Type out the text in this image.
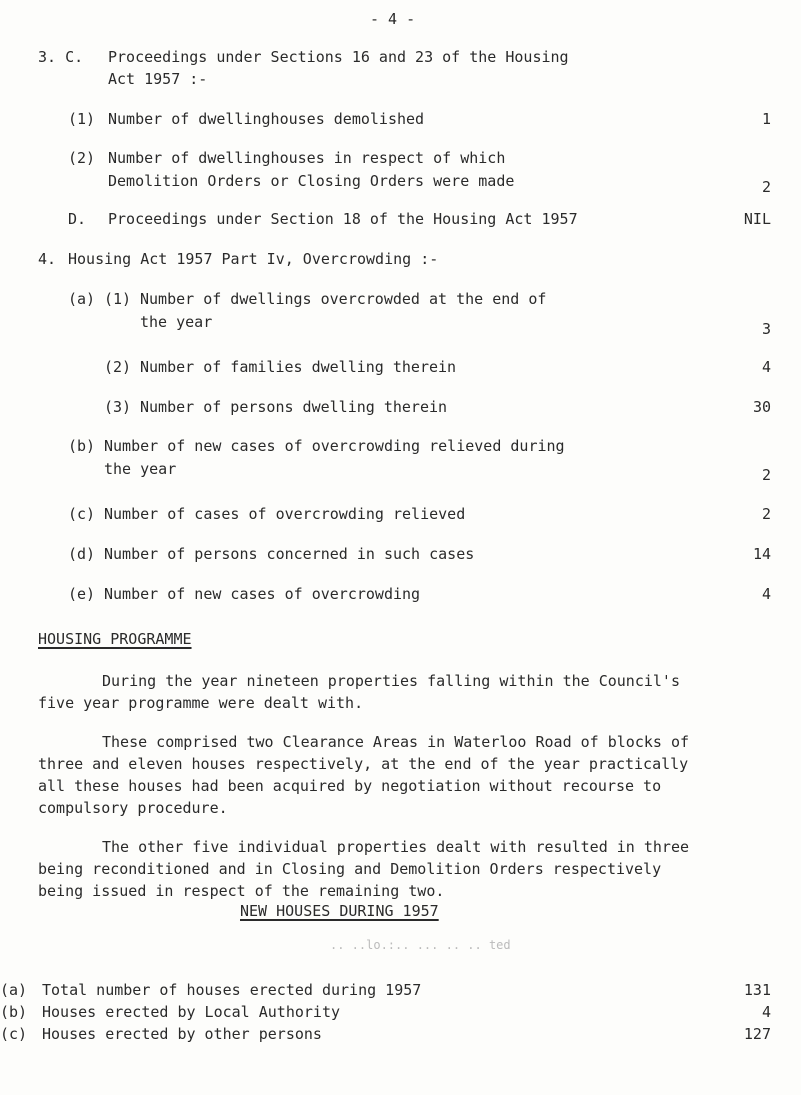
- 4 -
3. C. Proceedings under Sections 16 and 23 of the Housing
Act 1957 :-
(1) Number of dwellinghouses demolished	1
(2) Number of dwellinghouses in respect of which
Demolition Orders or Closing Orders were made	2
D. Proceedings under Section 18 of the Housing Act 1957	NIL
4. Housing Act 1957 Part Iv, Overcrowding :-
(a) (1) Number of dwellings overcrowded at the end of
the year	3
(2) Number of families dwelling therein	4
(3) Number of persons dwelling therein	30
(b) Number of new cases of overcrowding relieved during
the year	2
(c) Number of cases of overcrowding relieved	2
(d) Number of persons concerned in such cases	14
(e) Number of new cases of overcrowding	4
HOUSING PROGRAMME
During the year nineteen properties falling within the Council's
five year programme were dealt with.
These comprised two Clearance Areas in Waterloo Road of blocks of
three and eleven houses respectively, at the end of the year practically
all these houses had been acquired by negotiation without recourse to
compulsory procedure.
The other five individual properties dealt with resulted in three
being reconditioned and in Closing and Demolition Orders respectively
being issued in respect of the remaining two.
NEW HOUSES DURING 1957
.. ..lo.:.. ... .. .. ted
(a) Total number of houses erected during 1957	131
(b) Houses erected by Local Authority	4
(c) Houses erected by other persons	127
